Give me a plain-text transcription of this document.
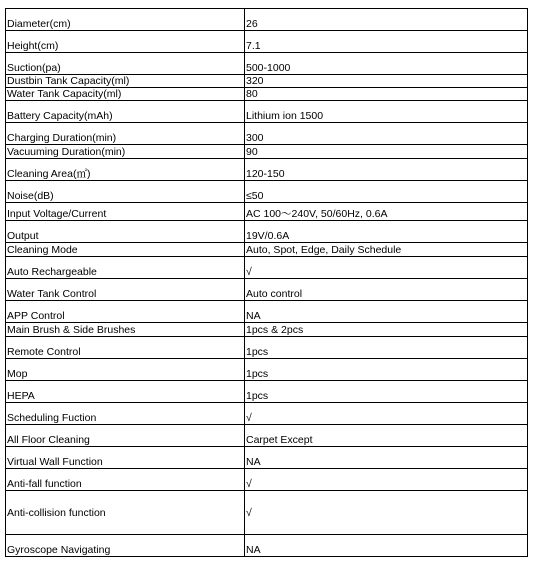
Diameter(cm)	26
Height(cm)	7.1
Suction(pa)	500-1000
Dustbin Tank Capacity(ml)	320
Water Tank Capacity(ml)	80
Battery Capacity(mAh)	Lithium ion 1500
Charging Duration(min)	300
Vacuuming Duration(min)	90
Cleaning Area(㎡)	120-150
Noise(dB)	≤50
Input Voltage/Current	AC 100～240V, 50/60Hz, 0.6A
Output	19V/0.6A
Cleaning Mode	Auto, Spot, Edge, Daily Schedule
Auto Rechargeable	√
Water Tank Control	Auto control
APP Control	NA
Main Brush & Side Brushes	1pcs & 2pcs
Remote Control	1pcs
Mop	1pcs
HEPA	1pcs
Scheduling Fuction	√
All Floor Cleaning	Carpet Except
Virtual Wall Function	NA
Anti-fall function	√
Anti-collision function	√
Gyroscope Navigating	NA
